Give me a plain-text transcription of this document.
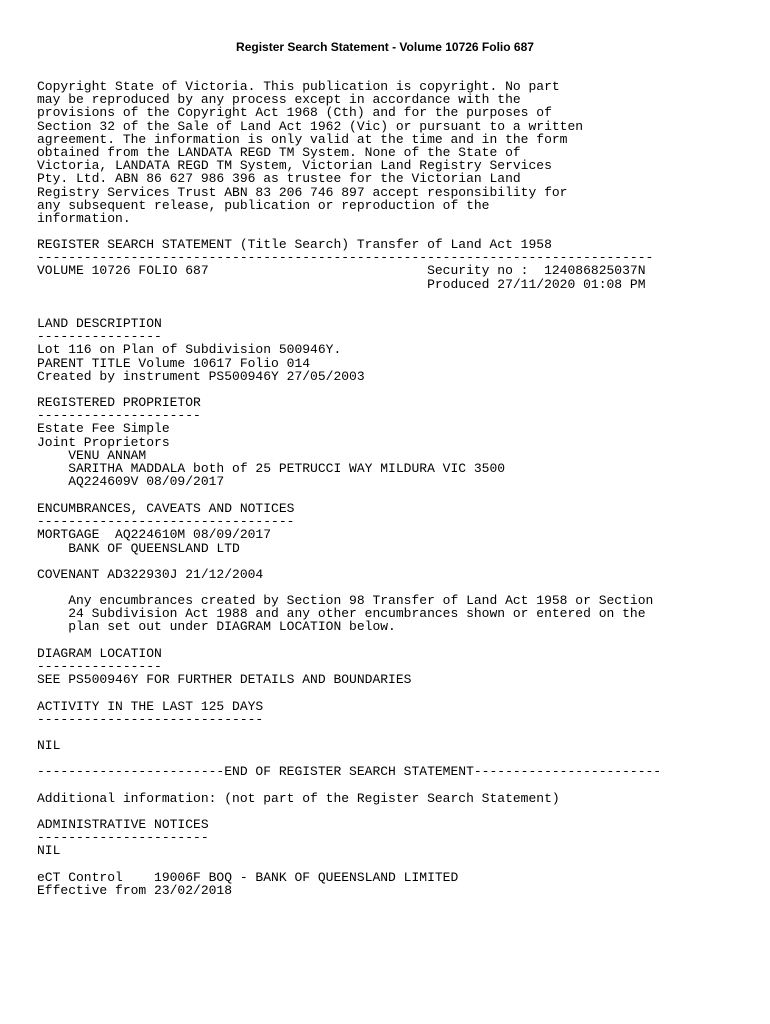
Register Search Statement - Volume 10726 Folio 687
Copyright State of Victoria. This publication is copyright. No part
may be reproduced by any process except in accordance with the
provisions of the Copyright Act 1968 (Cth) and for the purposes of
Section 32 of the Sale of Land Act 1962 (Vic) or pursuant to a written
agreement. The information is only valid at the time and in the form
obtained from the LANDATA REGD TM System. None of the State of
Victoria, LANDATA REGD TM System, Victorian Land Registry Services
Pty. Ltd. ABN 86 627 986 396 as trustee for the Victorian Land
Registry Services Trust ABN 83 206 746 897 accept responsibility for
any subsequent release, publication or reproduction of the
information.
REGISTER SEARCH STATEMENT (Title Search) Transfer of Land Act 1958
-------------------------------------------------------------------------------
VOLUME 10726 FOLIO 687                            Security no :  124086825037N
Produced 27/11/2020 01:08 PM
LAND DESCRIPTION
----------------
Lot 116 on Plan of Subdivision 500946Y.
PARENT TITLE Volume 10617 Folio 014
Created by instrument PS500946Y 27/05/2003
REGISTERED PROPRIETOR
---------------------
Estate Fee Simple
Joint Proprietors
VENU ANNAM
SARITHA MADDALA both of 25 PETRUCCI WAY MILDURA VIC 3500
AQ224609V 08/09/2017
ENCUMBRANCES, CAVEATS AND NOTICES
---------------------------------
MORTGAGE  AQ224610M 08/09/2017
BANK OF QUEENSLAND LTD
COVENANT AD322930J 21/12/2004
Any encumbrances created by Section 98 Transfer of Land Act 1958 or Section
24 Subdivision Act 1988 and any other encumbrances shown or entered on the
plan set out under DIAGRAM LOCATION below.
DIAGRAM LOCATION
----------------
SEE PS500946Y FOR FURTHER DETAILS AND BOUNDARIES
ACTIVITY IN THE LAST 125 DAYS
-----------------------------
NIL
------------------------END OF REGISTER SEARCH STATEMENT------------------------
Additional information: (not part of the Register Search Statement)
ADMINISTRATIVE NOTICES
----------------------
NIL
eCT Control    19006F BOQ - BANK OF QUEENSLAND LIMITED
Effective from 23/02/2018
